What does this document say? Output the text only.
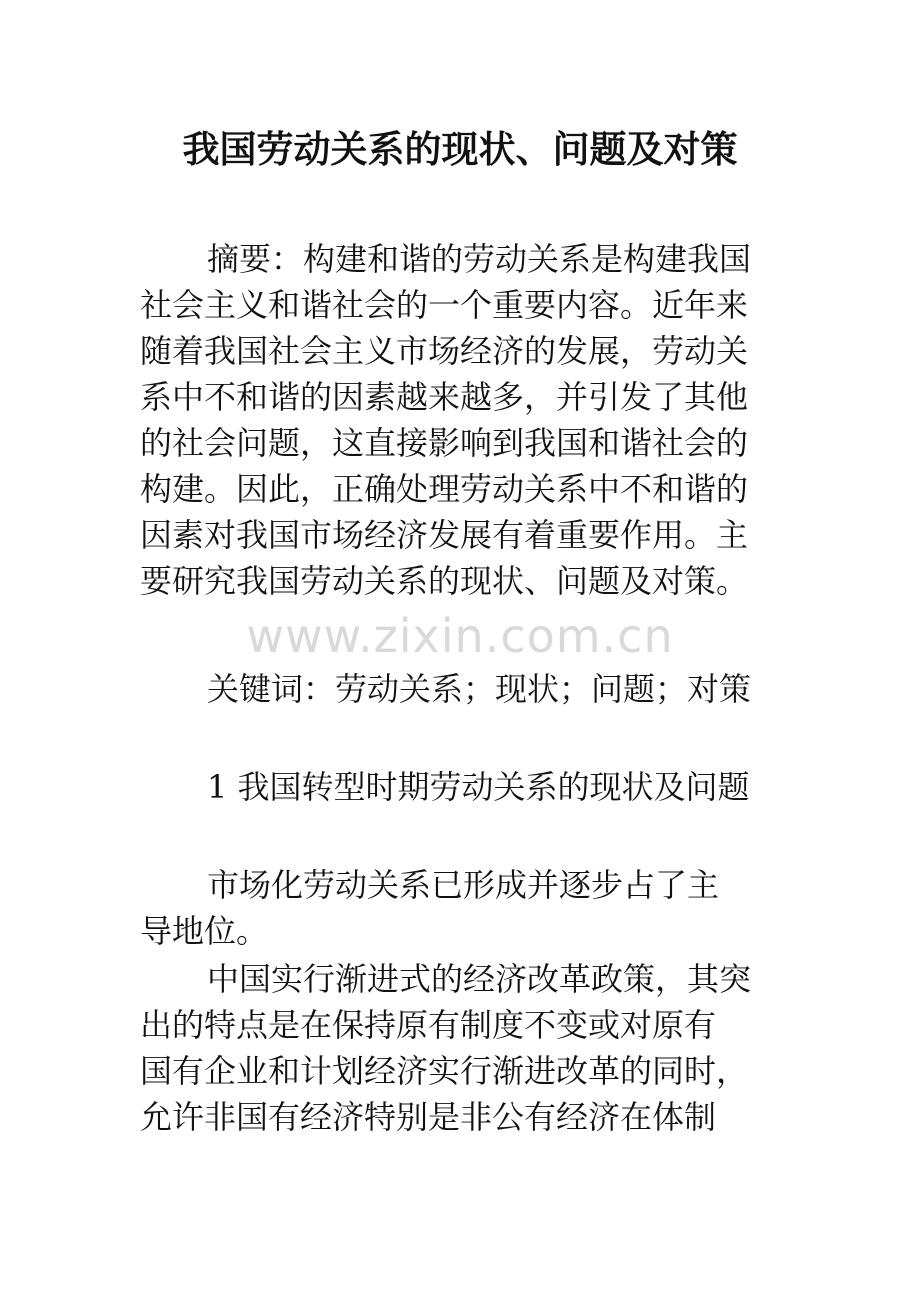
我国劳动关系的现状、问题及对策

摘要：构建和谐的劳动关系是构建我国

社会主义和谐社会的一个重要内容。近年来

随着我国社会主义市场经济的发展，劳动关

系中不和谐的因素越来越多，并引发了其他

的社会问题，这直接影响到我国和谐社会的

构建。因此，正确处理劳动关系中不和谐的

因素对我国市场经济发展有着重要作用。主

要研究我国劳动关系的现状、问题及对策。

www.zixin.com.cn

关键词：劳动关系；现状；问题；对策

1 我国转型时期劳动关系的现状及问题

市场化劳动关系已形成并逐步占了主

导地位。

中国实行渐进式的经济改革政策，其突

出的特点是在保持原有制度不变或对原有

国有企业和计划经济实行渐进改革的同时，

允许非国有经济特别是非公有经济在体制
